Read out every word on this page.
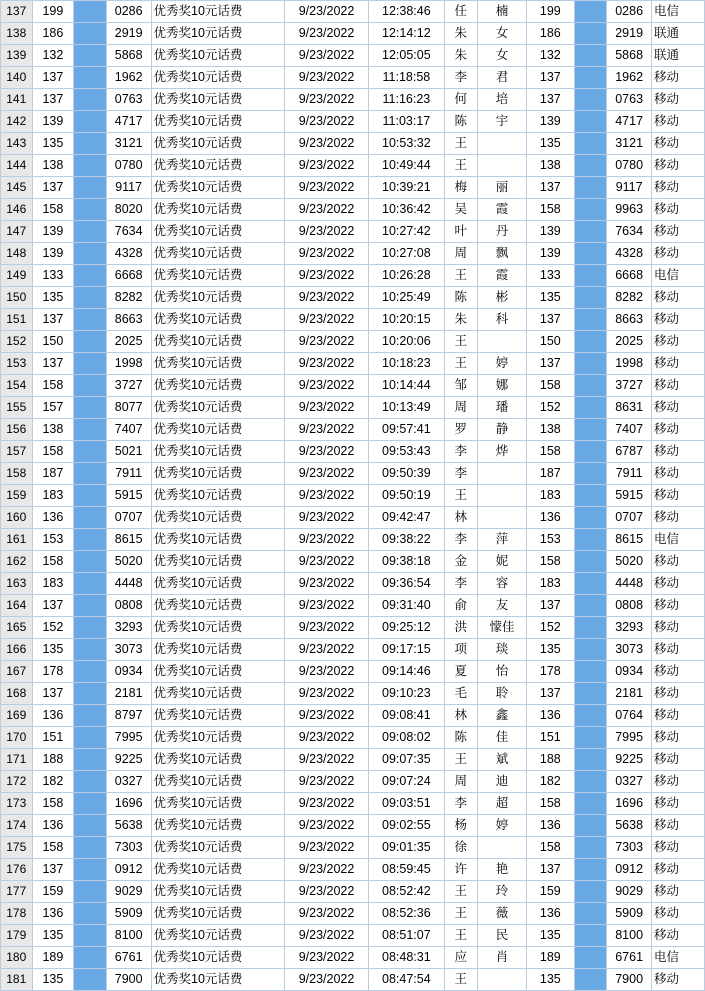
137	199		0286	优秀奖10元话费	9/23/2022	12:38:46	任	楠	199		0286	电信
138	186		2919	优秀奖10元话费	9/23/2022	12:14:12	朱	女	186		2919	联通
139	132		5868	优秀奖10元话费	9/23/2022	12:05:05	朱	女	132		5868	联通
140	137		1962	优秀奖10元话费	9/23/2022	11:18:58	李	君	137		1962	移动
141	137		0763	优秀奖10元话费	9/23/2022	11:16:23	何	培	137		0763	移动
142	139		4717	优秀奖10元话费	9/23/2022	11:03:17	陈	宇	139		4717	移动
143	135		3121	优秀奖10元话费	9/23/2022	10:53:32	王		135		3121	移动
144	138		0780	优秀奖10元话费	9/23/2022	10:49:44	王		138		0780	移动
145	137		9117	优秀奖10元话费	9/23/2022	10:39:21	梅	丽	137		9117	移动
146	158		8020	优秀奖10元话费	9/23/2022	10:36:42	吴	霞	158		9963	移动
147	139		7634	优秀奖10元话费	9/23/2022	10:27:42	叶	丹	139		7634	移动
148	139		4328	优秀奖10元话费	9/23/2022	10:27:08	周	飘	139		4328	移动
149	133		6668	优秀奖10元话费	9/23/2022	10:26:28	王	霞	133		6668	电信
150	135		8282	优秀奖10元话费	9/23/2022	10:25:49	陈	彬	135		8282	移动
151	137		8663	优秀奖10元话费	9/23/2022	10:20:15	朱	科	137		8663	移动
152	150		2025	优秀奖10元话费	9/23/2022	10:20:06	王		150		2025	移动
153	137		1998	优秀奖10元话费	9/23/2022	10:18:23	王	婷	137		1998	移动
154	158		3727	优秀奖10元话费	9/23/2022	10:14:44	邹	娜	158		3727	移动
155	157		8077	优秀奖10元话费	9/23/2022	10:13:49	周	璠	152		8631	移动
156	138		7407	优秀奖10元话费	9/23/2022	09:57:41	罗	静	138		7407	移动
157	158		5021	优秀奖10元话费	9/23/2022	09:53:43	李	烨	158		6787	移动
158	187		7911	优秀奖10元话费	9/23/2022	09:50:39	李		187		7911	移动
159	183		5915	优秀奖10元话费	9/23/2022	09:50:19	王		183		5915	移动
160	136		0707	优秀奖10元话费	9/23/2022	09:42:47	林		136		0707	移动
161	153		8615	优秀奖10元话费	9/23/2022	09:38:22	李	萍	153		8615	电信
162	158		5020	优秀奖10元话费	9/23/2022	09:38:18	金	妮	158		5020	移动
163	183		4448	优秀奖10元话费	9/23/2022	09:36:54	李	容	183		4448	移动
164	137		0808	优秀奖10元话费	9/23/2022	09:31:40	俞	友	137		0808	移动
165	152		3293	优秀奖10元话费	9/23/2022	09:25:12	洪	懞佳	152		3293	移动
166	135		3073	优秀奖10元话费	9/23/2022	09:17:15	项	琰	135		3073	移动
167	178		0934	优秀奖10元话费	9/23/2022	09:14:46	夏	怡	178		0934	移动
168	137		2181	优秀奖10元话费	9/23/2022	09:10:23	毛	聆	137		2181	移动
169	136		8797	优秀奖10元话费	9/23/2022	09:08:41	林	鑫	136		0764	移动
170	151		7995	优秀奖10元话费	9/23/2022	09:08:02	陈	佳	151		7995	移动
171	188		9225	优秀奖10元话费	9/23/2022	09:07:35	王	斌	188		9225	移动
172	182		0327	优秀奖10元话费	9/23/2022	09:07:24	周	迪	182		0327	移动
173	158		1696	优秀奖10元话费	9/23/2022	09:03:51	李	超	158		1696	移动
174	136		5638	优秀奖10元话费	9/23/2022	09:02:55	杨	婷	136		5638	移动
175	158		7303	优秀奖10元话费	9/23/2022	09:01:35	徐		158		7303	移动
176	137		0912	优秀奖10元话费	9/23/2022	08:59:45	许	艳	137		0912	移动
177	159		9029	优秀奖10元话费	9/23/2022	08:52:42	王	玲	159		9029	移动
178	136		5909	优秀奖10元话费	9/23/2022	08:52:36	王	薇	136		5909	移动
179	135		8100	优秀奖10元话费	9/23/2022	08:51:07	王	民	135		8100	移动
180	189		6761	优秀奖10元话费	9/23/2022	08:48:31	应	肖	189		6761	电信
181	135		7900	优秀奖10元话费	9/23/2022	08:47:54	王		135		7900	移动
